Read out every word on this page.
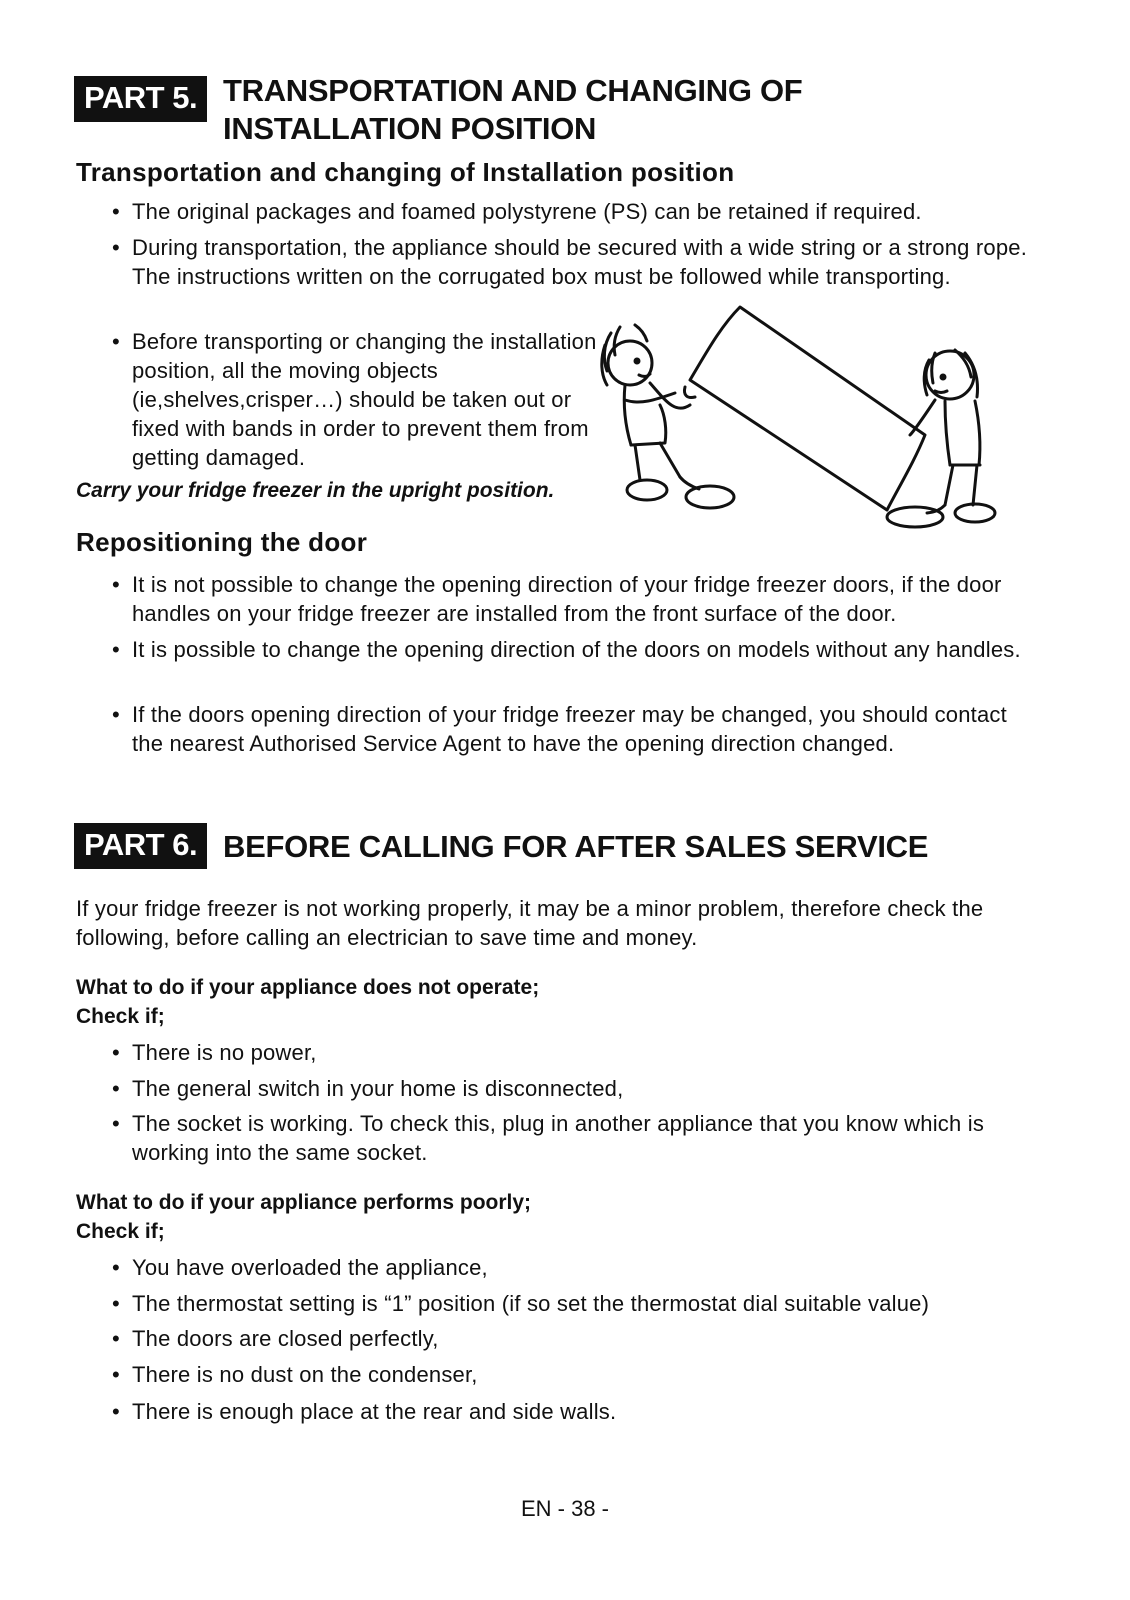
PART 5. TRANSPORTATION AND CHANGING OF
INSTALLATION POSITION
Transportation and changing of Installation position
• The original packages and foamed polystyrene (PS) can be retained if required.
• During transportation, the appliance should be secured with a wide string or a strong rope. The instructions written on the corrugated box must be followed while transporting.
• Before transporting or changing the installation position, all the moving objects (ie,shelves,crisper…) should be taken out or fixed with bands in order to prevent them from getting damaged.
Carry your fridge freezer in the upright position.
Repositioning the door
• It is not possible to change the opening direction of your fridge freezer doors, if the door handles on your fridge freezer are installed from the front surface of the door.
• It is possible to change the opening direction of the doors on models without any handles.
• If the doors opening direction of your fridge freezer may be changed, you should contact the nearest Authorised Service Agent to have the opening direction changed.
PART 6. BEFORE CALLING FOR AFTER SALES SERVICE
If your fridge freezer is not working properly, it may be a minor problem, therefore check the following, before calling an electrician to save time and money.
What to do if your appliance does not operate;
Check if;
• There is no power,
• The general switch in your home is disconnected,
• The socket is working. To check this, plug in another appliance that you know which is working into the same socket.
What to do if your appliance performs poorly;
Check if;
• You have overloaded the appliance,
• The thermostat setting is “1” position (if so set the thermostat dial suitable value)
• The doors are closed perfectly,
• There is no dust on the condenser,
• There is enough place at the rear and side walls.
EN - 38 -
